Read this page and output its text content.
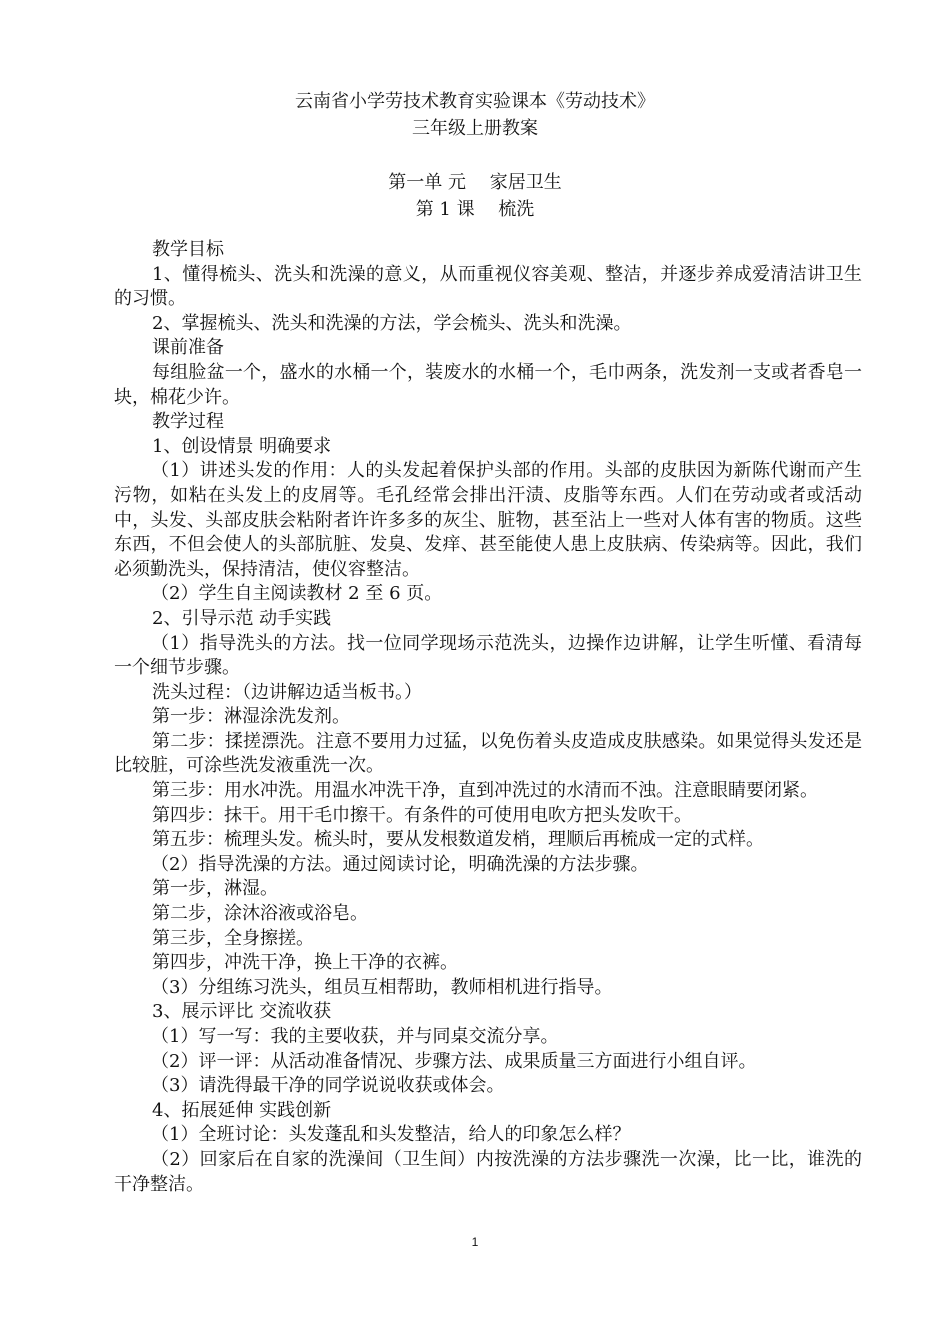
云南省小学劳技术教育实验课本《劳动技术》
三年级上册教案
第一单 元　 家居卫生
第 1 课　 梳洗

教学目标

1、懂得梳头、洗头和洗澡的意义，从而重视仪容美观、整洁，并逐步养成爱清洁讲卫生的习惯。

2、掌握梳头、洗头和洗澡的方法，学会梳头、洗头和洗澡。

课前准备

每组脸盆一个，盛水的水桶一个，装废水的水桶一个，毛巾两条，洗发剂一支或者香皂一块，棉花少许。

教学过程

1、创设情景 明确要求

（1）讲述头发的作用：人的头发起着保护头部的作用。头部的皮肤因为新陈代谢而产生污物，如粘在头发上的皮屑等。毛孔经常会排出汗渍、皮脂等东西。人们在劳动或者或活动中，头发、头部皮肤会粘附者许许多多的灰尘、脏物，甚至沾上一些对人体有害的物质。这些东西，不但会使人的头部肮脏、发臭、发痒、甚至能使人患上皮肤病、传染病等。因此，我们必须勤洗头，保持清洁，使仪容整洁。

（2）学生自主阅读教材 2 至 6 页。

2、引导示范 动手实践

（1）指导洗头的方法。找一位同学现场示范洗头，边操作边讲解，让学生听懂、看清每一个细节步骤。

洗头过程：（边讲解边适当板书。）

第一步：淋湿涂洗发剂。

第二步：揉搓漂洗。注意不要用力过猛，以免伤着头皮造成皮肤感染。如果觉得头发还是比较脏，可涂些洗发液重洗一次。

第三步：用水冲洗。用温水冲洗干净，直到冲洗过的水清而不浊。注意眼睛要闭紧。

第四步：抹干。用干毛巾擦干。有条件的可使用电吹方把头发吹干。

第五步：梳理头发。梳头时，要从发根数道发梢，理顺后再梳成一定的式样。

（2）指导洗澡的方法。通过阅读讨论，明确洗澡的方法步骤。

第一步，淋湿。

第二步，涂沐浴液或浴皂。

第三步，全身擦搓。

第四步，冲洗干净，换上干净的衣裤。

（3）分组练习洗头，组员互相帮助，教师相机进行指导。

3、展示评比 交流收获

（1）写一写：我的主要收获，并与同桌交流分享。

（2）评一评：从活动准备情况、步骤方法、成果质量三方面进行小组自评。

（3）请洗得最干净的同学说说收获或体会。

4、拓展延伸 实践创新

（1）全班讨论：头发蓬乱和头发整洁，给人的印象怎么样？

（2）回家后在自家的洗澡间（卫生间）内按洗澡的方法步骤洗一次澡，比一比，谁洗的干净整洁。

1
